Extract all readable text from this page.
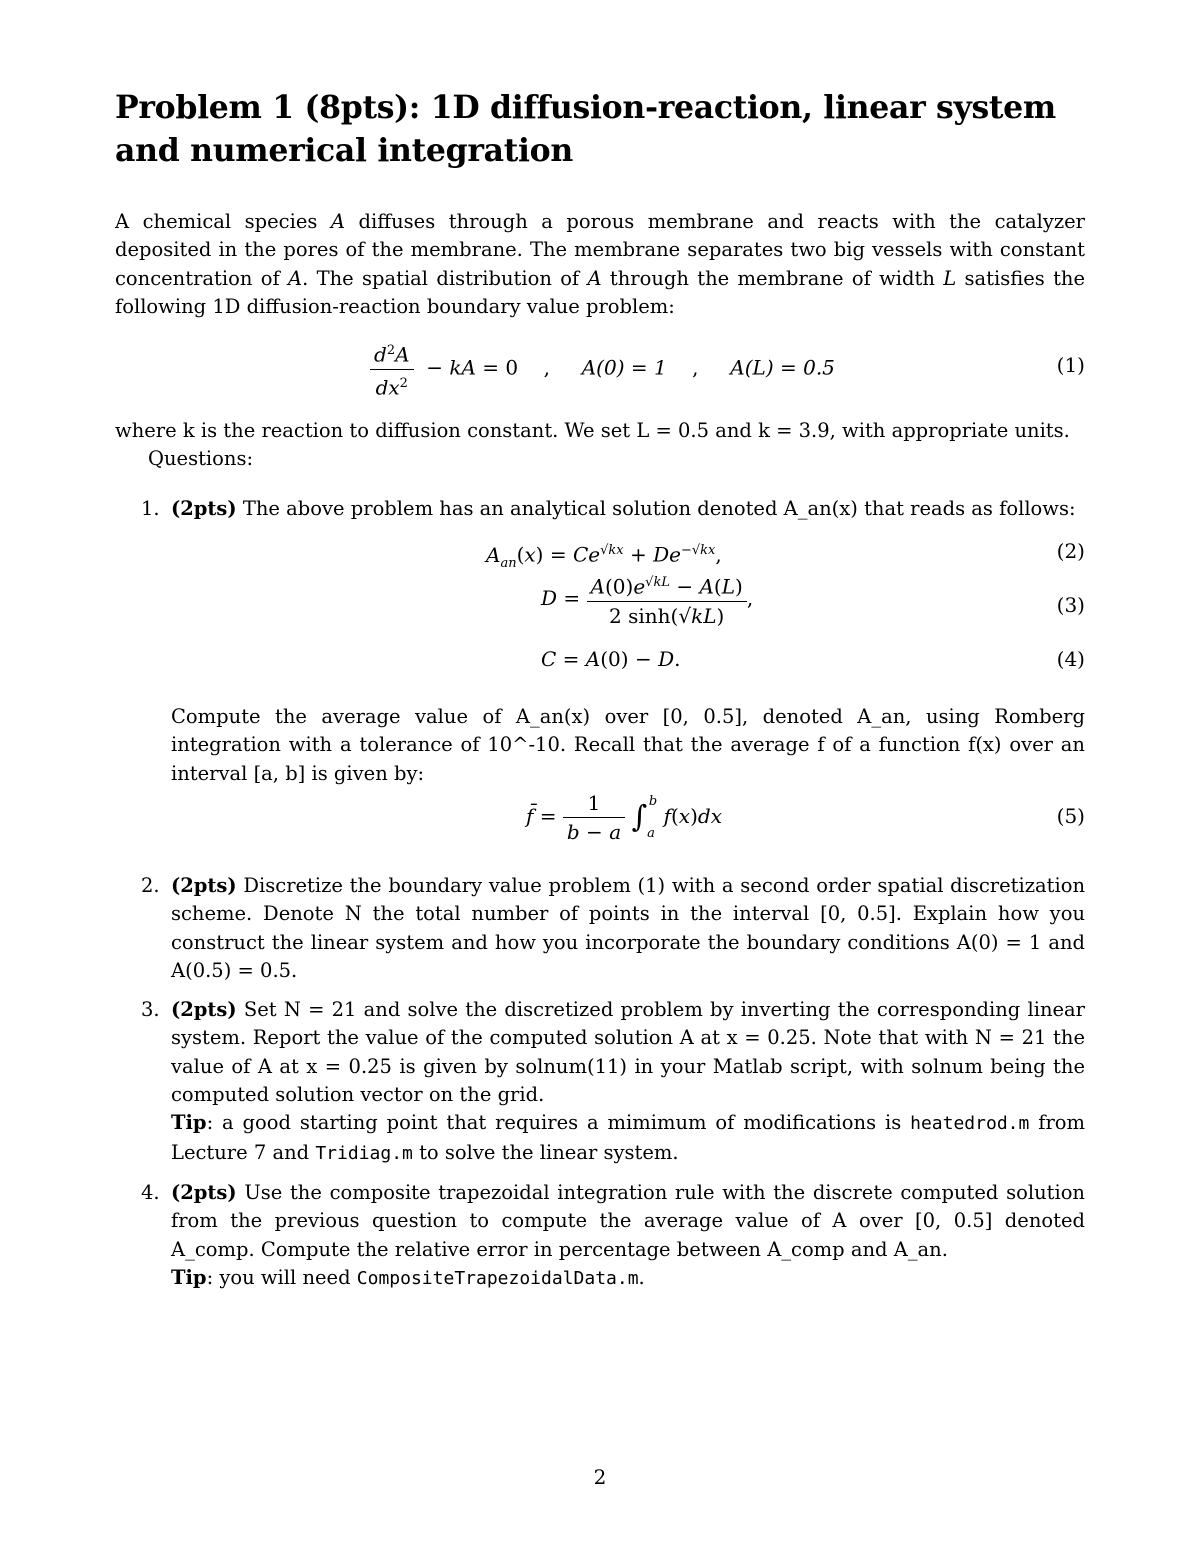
Problem 1 (8pts): 1D diffusion-reaction, linear system and numerical integration

A chemical species A diffuses through a porous membrane and reacts with the catalyzer deposited in the pores of the membrane. The membrane separates two big vessels with constant concentration of A. The spatial distribution of A through the membrane of width L satisfies the following 1D diffusion-reaction boundary value problem:

$\frac{d^2A}{dx^2}$ − kA = 0    ,     A(0) = 1    ,     A(L) = 0.5	(1)

where k is the reaction to diffusion constant. We set L = 0.5 and k = 3.9, with appropriate units.

Questions:

1. (2pts) The above problem has an analytical solution denoted A_an(x) that reads as follows:
$A_{an}(x) = Ce^{√kx} + De^{-√kx}$,	(2)
$D = \frac{A(0)e^{√kL} - A(L)}{2 \sinh(√kL)}$ ,	(3)
C = A(0) − D.	(4)

Compute the average value of A_an(x) over [0, 0.5], denoted A_an, using Romberg integration with a tolerance of 10^-10. Recall that the average f of a function f(x) over an interval [a, b] is given by:

f̄ = $\frac{1}{b - a} \int_a^b$ f(x)dx	(5)
2. (2pts) Discretize the boundary value problem (1) with a second order spatial discretization scheme. Denote N the total number of points in the interval [0, 0.5]. Explain how you construct the linear system and how you incorporate the boundary conditions A(0) = 1 and A(0.5) = 0.5.
3. (2pts) Set N = 21 and solve the discretized problem by inverting the corresponding linear system. Report the value of the computed solution A at x = 0.25. Note that with N = 21 the value of A at x = 0.25 is given by solnum(11) in your Matlab script, with solnum being the computed solution vector on the grid.
Tip: a good starting point that requires a mimimum of modifications is heatedrod.m from Lecture 7 and Tridiag.m to solve the linear system.
4. (2pts) Use the composite trapezoidal integration rule with the discrete computed solution from the previous question to compute the average value of A over [0, 0.5] denoted A_comp. Compute the relative error in percentage between A_comp and A_an.
Tip: you will need CompositeTrapezoidalData.m.
2
